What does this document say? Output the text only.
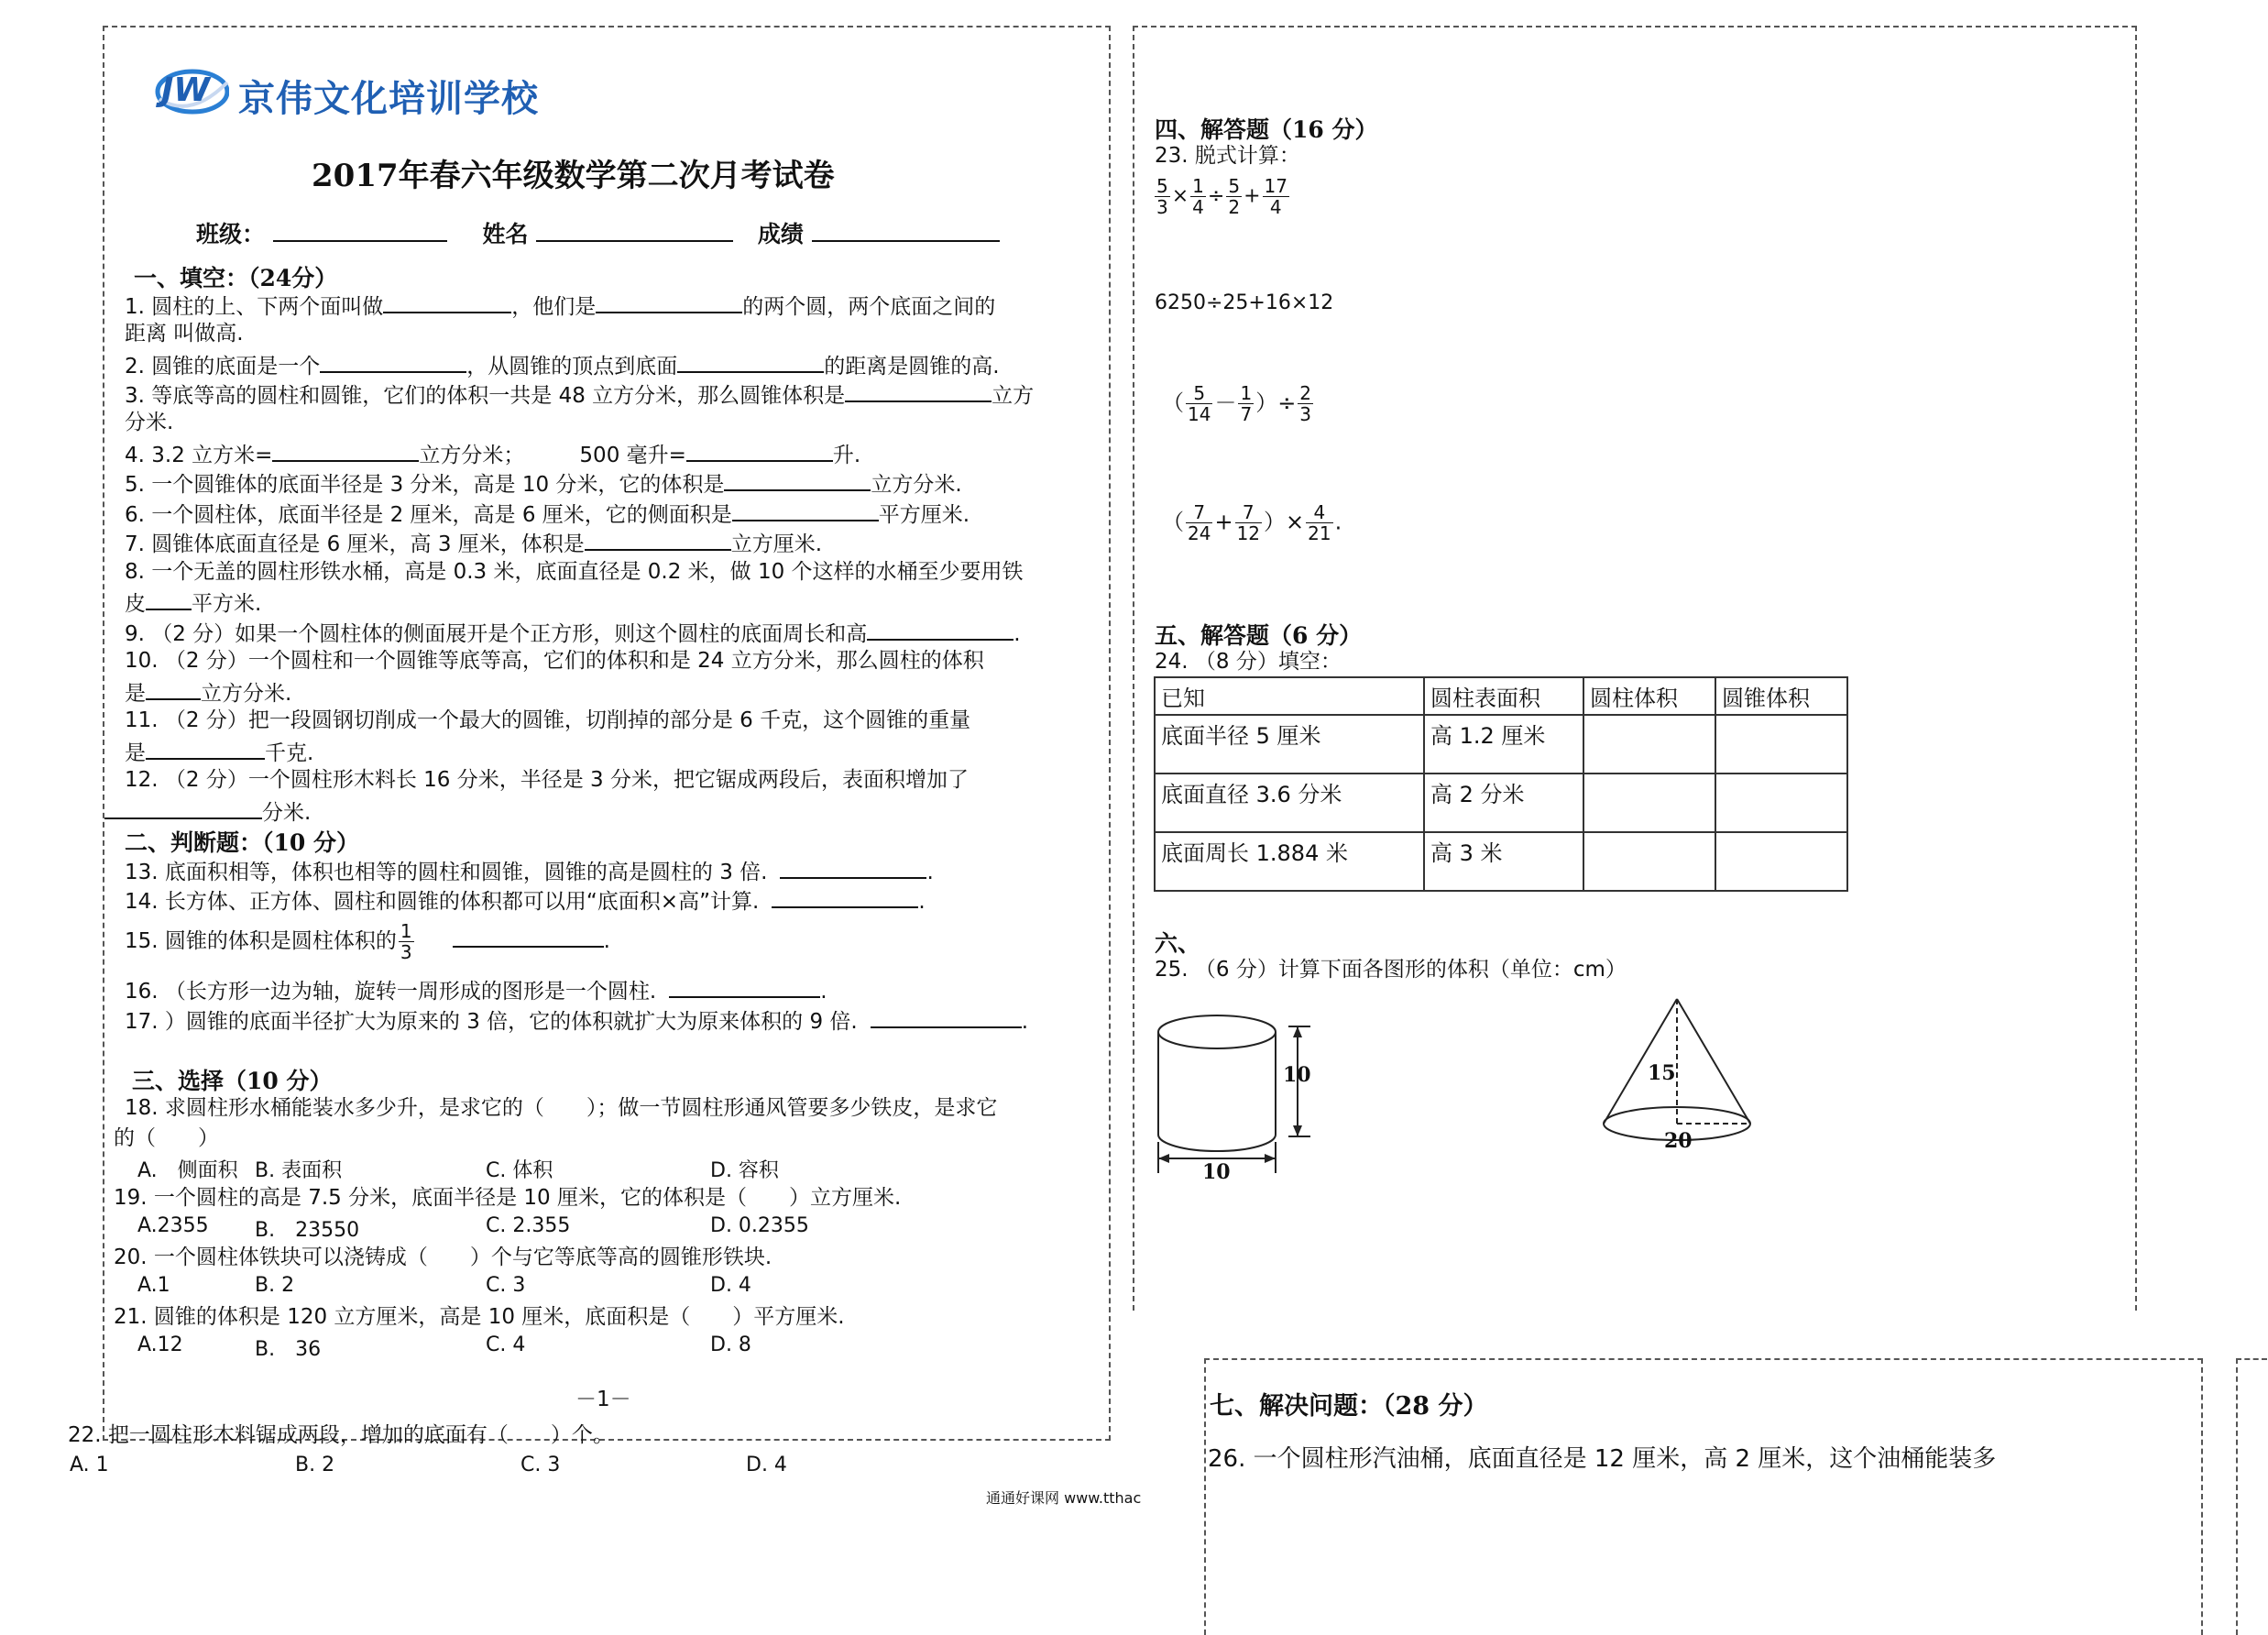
JW 京伟文化培训学校
2017年春六年级数学第二次月考试卷
班级：	姓名	成绩
一、填空：（24分）
1. 圆柱的上、下两个面叫做	，他们是	的两个圆，两个底面之间的
距离 叫做高.
2. 圆锥的底面是一个	，从圆锥的顶点到底面	的距离是圆锥的高.
3. 等底等高的圆柱和圆锥，它们的体积一共是 48 立方分米，那么圆锥体积是	立方
分米.
4. 3.2 立方米=	立方分米；	500 毫升=	升.
5. 一个圆锥体的底面半径是 3 分米，高是 10 分米，它的体积是	立方分米.
6. 一个圆柱体，底面半径是 2 厘米，高是 6 厘米，它的侧面积是	平方厘米.
7. 圆锥体底面直径是 6 厘米，高 3 厘米，体积是	立方厘米.
8. 一个无盖的圆柱形铁水桶，高是 0.3 米，底面直径是 0.2 米，做 10 个这样的水桶至少要用铁
皮 平方米.
9. （2 分）如果一个圆柱体的侧面展开是个正方形，则这个圆柱的底面周长和高	.
10. （2 分）一个圆柱和一个圆锥等底等高，它们的体积和是 24 立方分米，那么圆柱的体积
是	立方分米.
11. （2 分）把一段圆钢切削成一个最大的圆锥，切削掉的部分是 6 千克，这个圆锥的重量
是	千克.
12. （2 分）一个圆柱形木料长 16 分米，半径是 3 分米，把它锯成两段后，表面积增加了
分米.
二、判断题：（10 分）
13. 底面积相等，体积也相等的圆柱和圆锥，圆锥的高是圆柱的 3 倍.	.
14. 长方体、正方体、圆柱和圆锥的体积都可以用“底面积×高”计算.	.
15. 圆锥的体积是圆柱体积的 $\frac{1}{3}$	.
16. （长方形一边为轴，旋转一周形成的图形是一个圆柱.	.
17. ）圆锥的底面半径扩大为原来的 3 倍，它的体积就扩大为原来体积的 9 倍.	.
三、选择（10 分）
18. 求圆柱形水桶能装水多少升，是求它的（　　）；做一节圆柱形通风管要多少铁皮，是求它
的（　　）
A.　侧面积 B. 表面积	C. 体积	D. 容积
19. 一个圆柱的高是 7.5 分米，底面半径是 10 厘米，它的体积是（　　）立方厘米.
A.2355 B.　23550	C. 2.355	D. 0.2355
20. 一个圆柱体铁块可以浇铸成（　　）个与它等底等高的圆锥形铁块.
A.1	B. 2	C. 3	D. 4
21. 圆锥的体积是 120 立方厘米，高是 10 厘米，底面积是（　　）平方厘米.
A.12	B.　36	C. 4	D. 8
－1－
22. 把一圆柱形木料锯成两段，增加的底面有（　　）个。
A. 1	B. 2	C. 3	D. 4
通通好课网 www.tthac
四、解答题（16 分）
23. 脱式计算：
$\frac{5}{3} \times \frac{1}{4} \div \frac{5}{2} + \frac{17}{4}$
6250÷25+16×12
（ $\frac{5}{14} - \frac{1}{7}$ ）÷ $\frac{2}{3}$
（ $\frac{7}{24} + \frac{7}{12}$ ）× $\frac{4}{21}$ .
五、解答题（6 分）
24. （8 分）填空：
已知	圆柱表面积	圆柱体积	圆锥体积
底面半径 5 厘米	高 1.2 厘米		
底面直径 3.6 分米	高 2 分米		
底面周长 1.884 米	高 3 米		
六、
25. （6 分）计算下面各图形的体积（单位：cm）
10
10
15
20
七、解决问题：（28 分）
26. 一个圆柱形汽油桶，底面直径是 12 厘米，高 2 厘米，这个油桶能装多
